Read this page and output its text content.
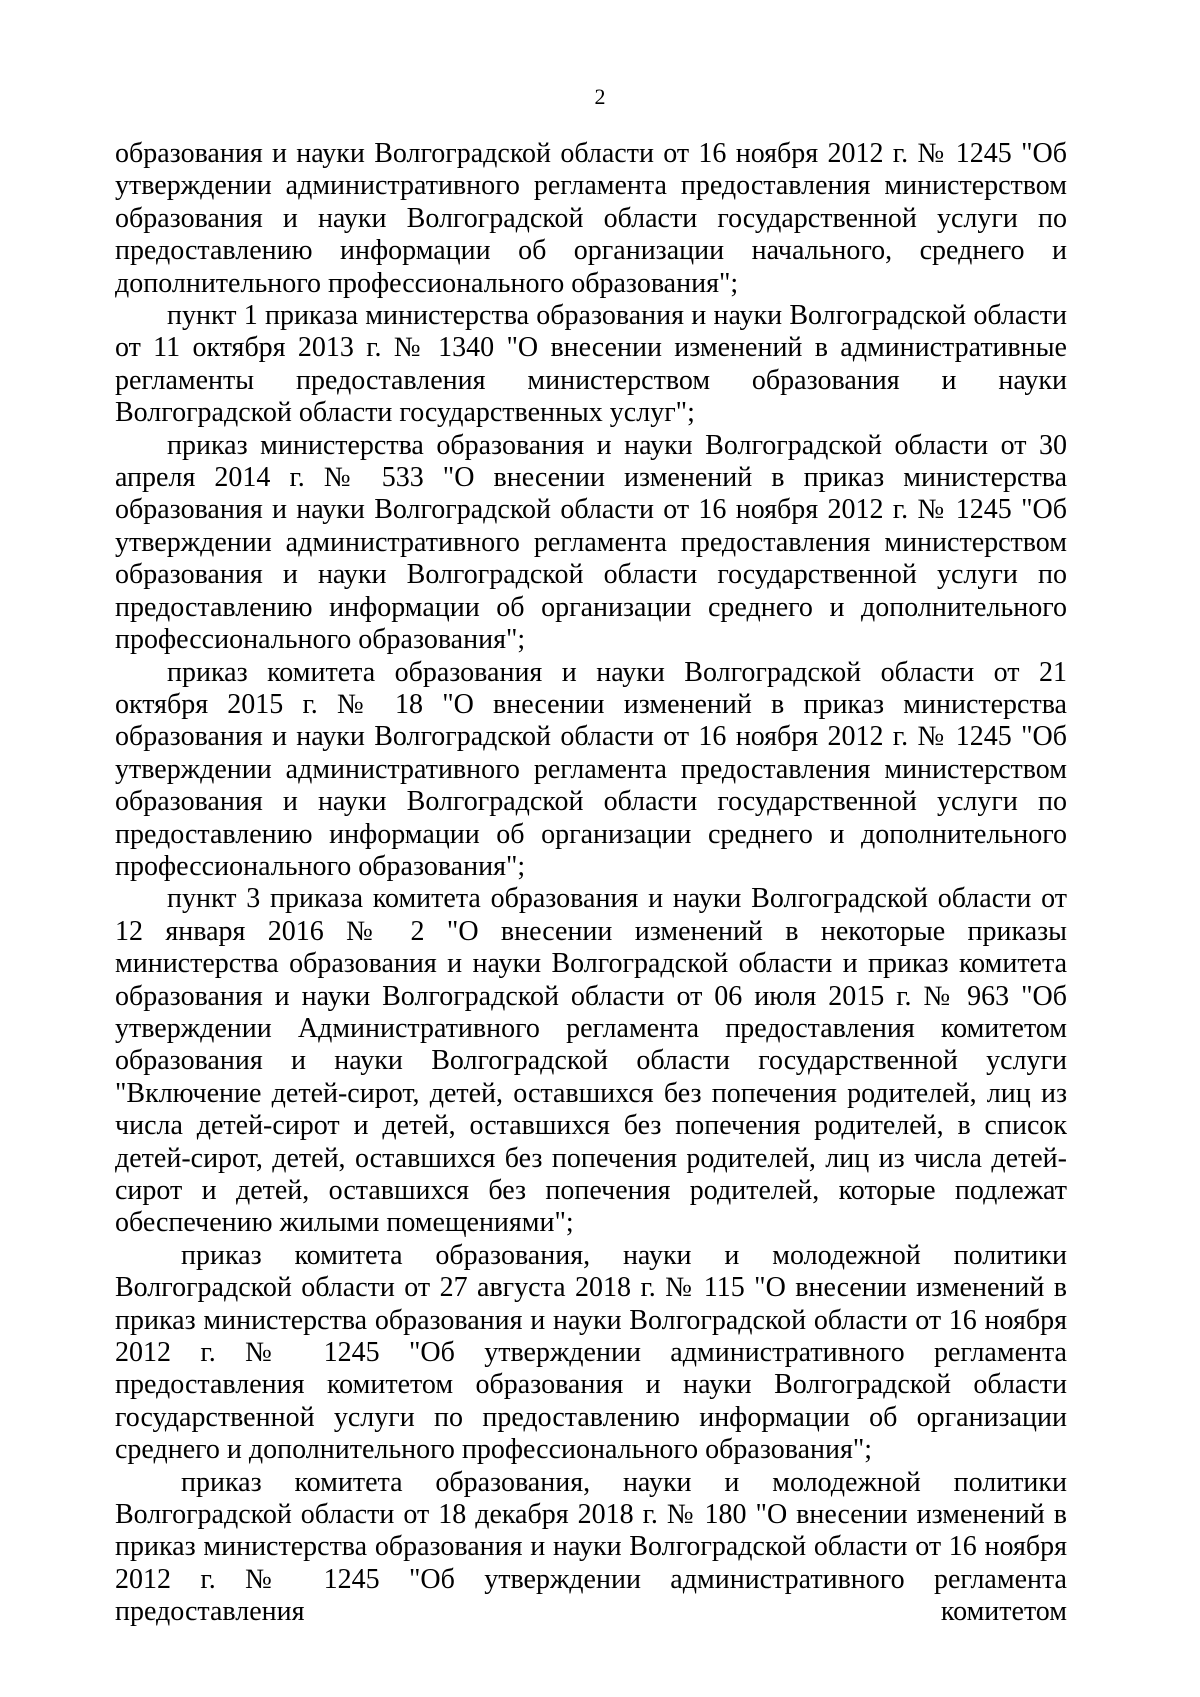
2

образования и науки Волгоградской области от 16 ноября 2012 г. № 1245 "Об утверждении административного регламента предоставления министерством образования и науки Волгоградской области государственной услуги по предоставлению информации об организации начального, среднего и дополнительного профессионального образования";

пункт 1 приказа министерства образования и науки Волгоградской области от 11 октября 2013 г. № 1340 "О внесении изменений в административные регламенты предоставления министерством образования и науки Волгоградской области государственных услуг";

приказ министерства образования и науки Волгоградской области от 30 апреля 2014 г. № 533 "О внесении изменений в приказ министерства образования и науки Волгоградской области от 16 ноября 2012 г. № 1245 "Об утверждении административного регламента предоставления министерством образования и науки Волгоградской области государственной услуги по предоставлению информации об организации среднего и дополнительного профессионального образования";

приказ комитета образования и науки Волгоградской области от 21 октября 2015 г. № 18 "О внесении изменений в приказ министерства образования и науки Волгоградской области от 16 ноября 2012 г. № 1245 "Об утверждении административного регламента предоставления министерством образования и науки Волгоградской области государственной услуги по предоставлению информации об организации среднего и дополнительного профессионального образования";

пункт 3 приказа комитета образования и науки Волгоградской области от 12 января 2016 № 2 "О внесении изменений в некоторые приказы министерства образования и науки Волгоградской области и приказ комитета образования и науки Волгоградской области от 06 июля 2015 г. № 963 "Об утверждении Административного регламента предоставления комитетом образования и науки Волгоградской области государственной услуги "Включение детей-сирот, детей, оставшихся без попечения родителей, лиц из числа детей-сирот и детей, оставшихся без попечения родителей, в список детей-сирот, детей, оставшихся без попечения родителей, лиц из числа детей-сирот и детей, оставшихся без попечения родителей, которые подлежат обеспечению жилыми помещениями";

приказ комитета образования, науки и молодежной политики Волгоградской области от 27 августа 2018 г. № 115 "О внесении изменений в приказ министерства образования и науки Волгоградской области от 16 ноября 2012 г. № 1245 "Об утверждении административного регламента предоставления комитетом образования и науки Волгоградской области государственной услуги по предоставлению информации об организации среднего и дополнительного профессионального образования";

приказ комитета образования, науки и молодежной политики Волгоградской области от 18 декабря 2018 г. № 180 "О внесении изменений в приказ министерства образования и науки Волгоградской области от 16 ноября 2012 г. № 1245 "Об утверждении административного регламента предоставления комитетом
